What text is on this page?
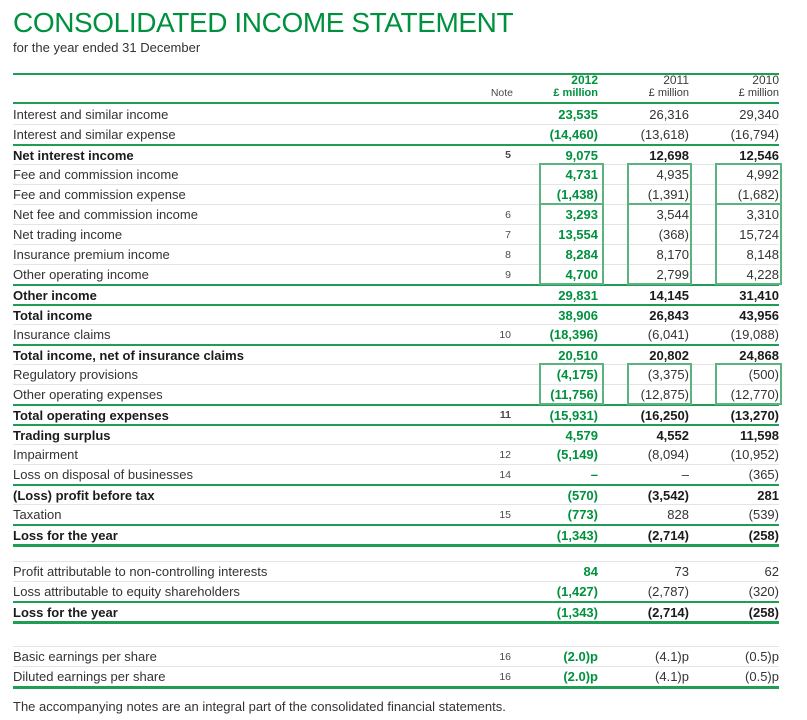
CONSOLIDATED INCOME STATEMENT
for the year ended 31 December
Note
2012
£ million
2011
£ million
2010
£ million
Interest and similar income	23,535	26,316	29,340
Interest and similar expense	(14,460)	(13,618)	(16,794)
Net interest income	5	9,075	12,698	12,546
Fee and commission income	4,731	4,935	4,992
Fee and commission expense	(1,438)	(1,391)	(1,682)
Net fee and commission income	6	3,293	3,544	3,310
Net trading income	7	13,554	(368)	15,724
Insurance premium income	8	8,284	8,170	8,148
Other operating income	9	4,700	2,799	4,228
Other income	29,831	14,145	31,410
Total income	38,906	26,843	43,956
Insurance claims	10	(18,396)	(6,041)	(19,088)
Total income, net of insurance claims	20,510	20,802	24,868
Regulatory provisions	(4,175)	(3,375)	(500)
Other operating expenses	(11,756)	(12,875)	(12,770)
Total operating expenses	11	(15,931)	(16,250)	(13,270)
Trading surplus	4,579	4,552	11,598
Impairment	12	(5,149)	(8,094)	(10,952)
Loss on disposal of businesses	14	–	–	(365)
(Loss) profit before tax	(570)	(3,542)	281
Taxation	15	(773)	828	(539)
Loss for the year	(1,343)	(2,714)	(258)
Profit attributable to non-controlling interests	84	73	62
Loss attributable to equity shareholders	(1,427)	(2,787)	(320)
Loss for the year	(1,343)	(2,714)	(258)
Basic earnings per share	16	(2.0)p	(4.1)p	(0.5)p
Diluted earnings per share	16	(2.0)p	(4.1)p	(0.5)p

The accompanying notes are an integral part of the consolidated financial statements.
